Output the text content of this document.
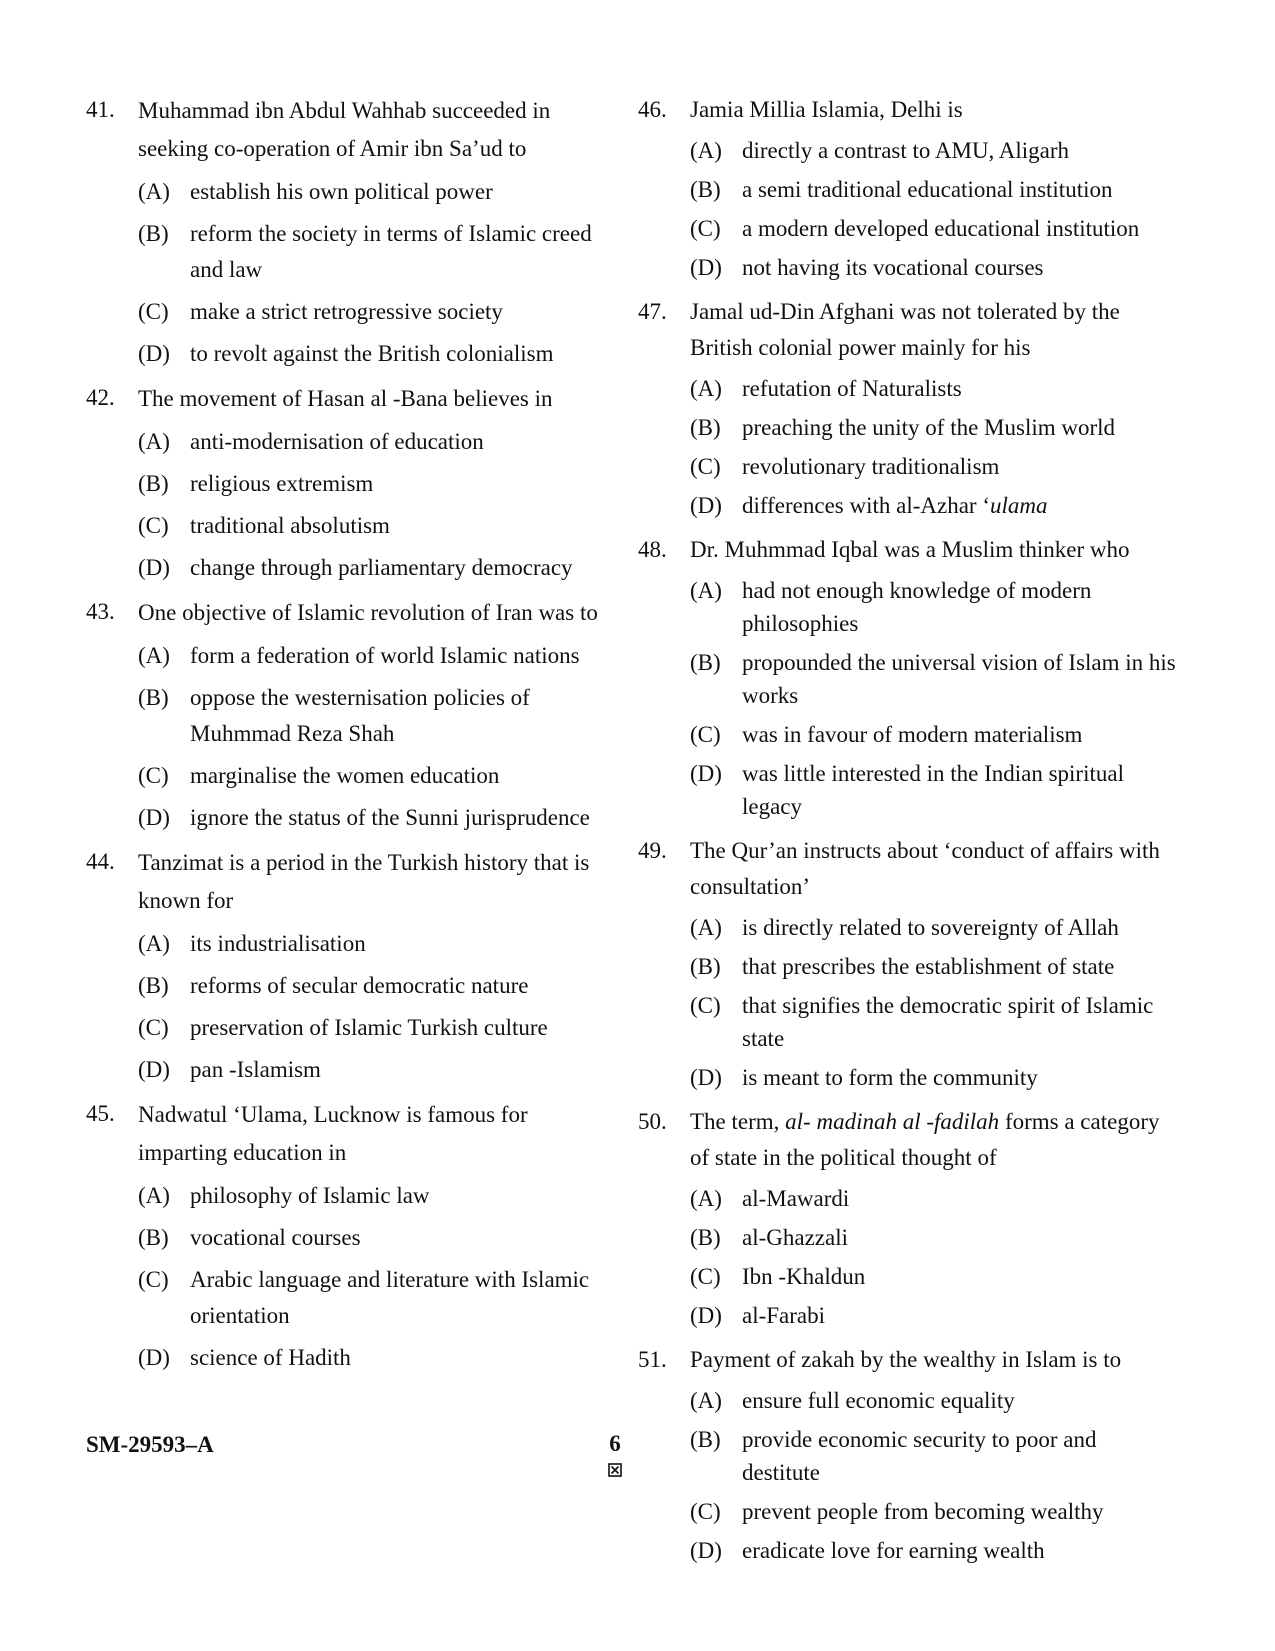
41. Muhammad ibn Abdul Wahhab succeeded in seeking co-operation of Amir ibn Sa’ud to
(A) establish his own political power
(B) reform the society in terms of Islamic creed and law
(C) make a strict retrogressive society
(D) to revolt against the British colonialism
42. The movement of Hasan al -Bana believes in
(A) anti-modernisation of education
(B) religious extremism
(C) traditional absolutism
(D) change through parliamentary democracy
43. One objective of Islamic revolution of Iran was to
(A) form a federation of world Islamic nations
(B) oppose the westernisation policies of Muhmmad Reza Shah
(C) marginalise the women education
(D) ignore the status of the Sunni jurisprudence
44. Tanzimat is a period in the Turkish history that is known for
(A) its industrialisation
(B) reforms of secular democratic nature
(C) preservation of Islamic Turkish culture
(D) pan -Islamism
45. Nadwatul ‘Ulama, Lucknow is famous for imparting education in
(A) philosophy of Islamic law
(B) vocational courses
(C) Arabic language and literature with Islamic orientation
(D) science of Hadith
46. Jamia Millia Islamia, Delhi is
(A) directly a contrast to AMU, Aligarh
(B) a semi traditional educational institution
(C) a modern developed educational institution
(D) not having its vocational courses
47. Jamal ud-Din Afghani was not tolerated by the British colonial power mainly for his
(A) refutation of Naturalists
(B) preaching the unity of the Muslim world
(C) revolutionary traditionalism
(D) differences with al-Azhar ‘ulama
48. Dr. Muhmmad Iqbal was a Muslim thinker who
(A) had not enough knowledge of modern philosophies
(B) propounded the universal vision of Islam in his works
(C) was in favour of modern materialism
(D) was little interested in the Indian spiritual legacy
49. The Qur’an instructs about ‘conduct of affairs with consultation’
(A) is directly related to sovereignty of Allah
(B) that prescribes the establishment of state
(C) that signifies the democratic spirit of Islamic state
(D) is meant to form the community
50. The term, al- madinah al -fadilah forms a category of state in the political thought of
(A) al-Mawardi
(B) al-Ghazzali
(C) Ibn -Khaldun
(D) al-Farabi
51. Payment of zakah by the wealthy in Islam is to
(A) ensure full economic equality
(B) provide economic security to poor and destitute
(C) prevent people from becoming wealthy
(D) eradicate love for earning wealth
SM-29593–A	6
